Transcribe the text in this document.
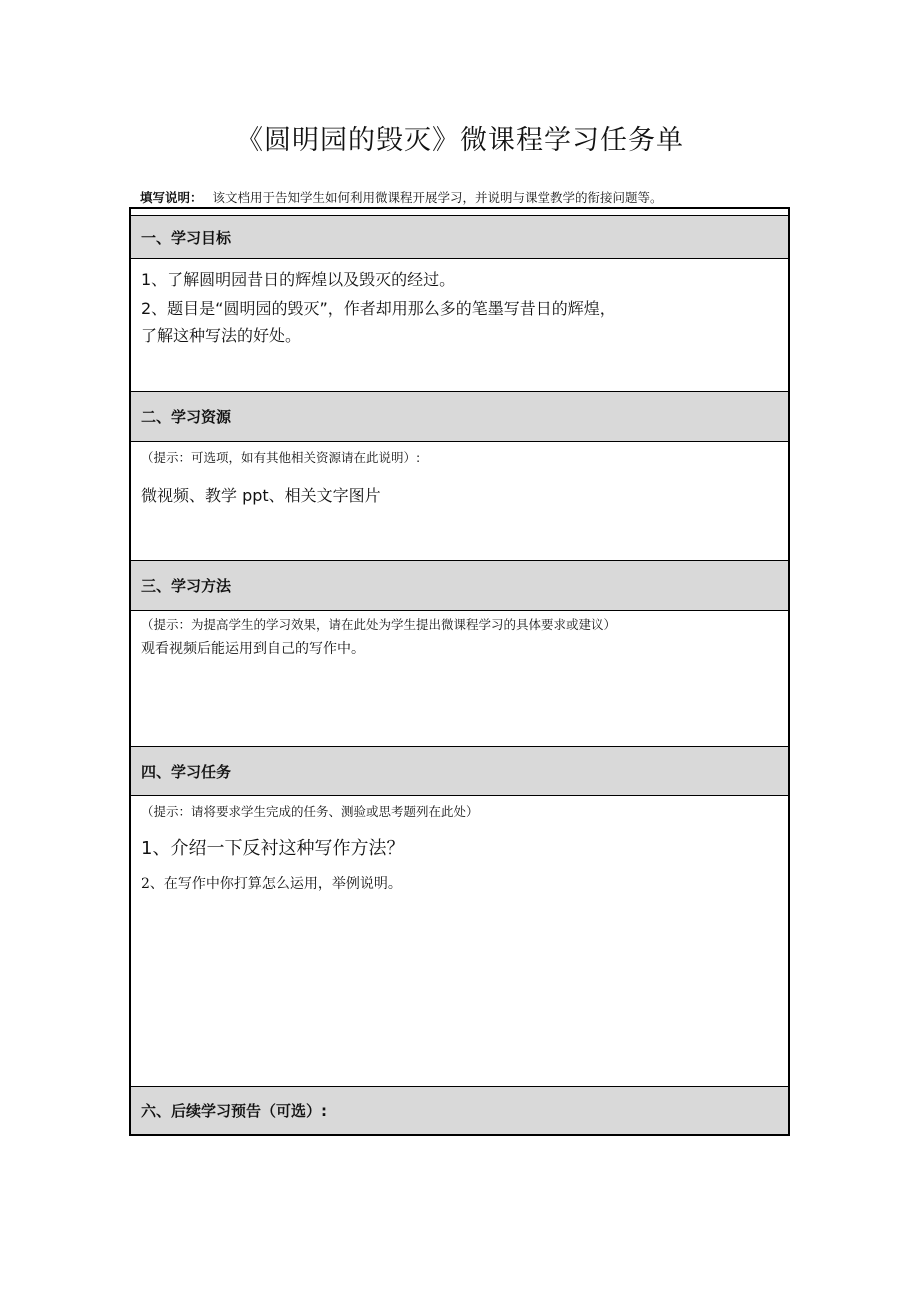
《圆明园的毁灭》微课程学习任务单
填写说明： 该文档用于告知学生如何利用微课程开展学习，并说明与课堂教学的衔接问题等。
一、学习目标
1、了解圆明园昔日的辉煌以及毁灭的经过。
2、题目是“圆明园的毁灭”，作者却用那么多的笔墨写昔日的辉煌，
了解这种写法的好处。
二、学习资源
（提示：可选项，如有其他相关资源请在此说明）:
微视频、教学 ppt、相关文字图片
三、学习方法
（提示：为提高学生的学习效果，请在此处为学生提出微课程学习的具体要求或建议）
观看视频后能运用到自己的写作中。
四、学习任务
（提示：请将要求学生完成的任务、测验或思考题列在此处）
1、介绍一下反衬这种写作方法？
2、在写作中你打算怎么运用，举例说明。
六、后续学习预告（可选）:
